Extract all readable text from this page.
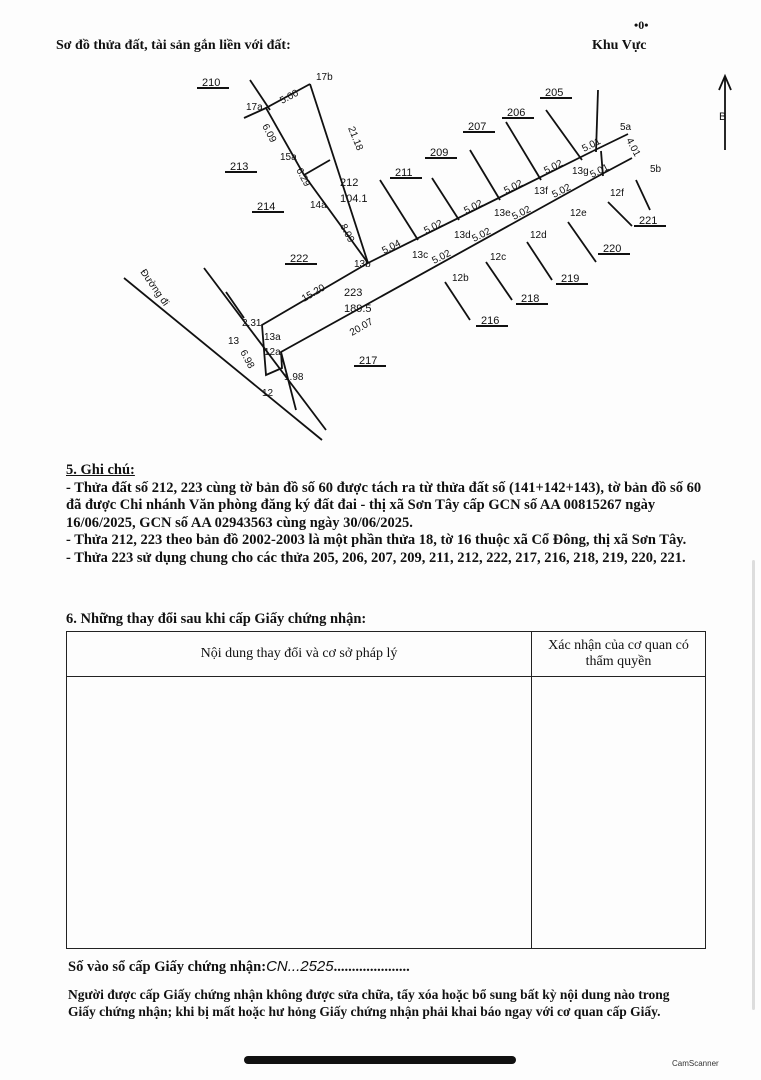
•0•
Sơ đồ thửa đất, tài sản gắn liền với đất:	Khu Vực
210
213
214
222
211
209
207
206
205
221
220
219
218
216
217
212
104.1
223
189.5
17b
17a
15a
14a
13b
13c
13d
13e
13f
13g
5a
5b
12f
12e
12d
12c
12b
13a
12a
13
12
5.00
6.09
6.29
8.09
21.18
5.04
5.02
5.02
5.02
5.02
5.01 4.01
5.01
5.02
5.02
5.02
5.02
15.20
20.07
2.31
6.98
1.98
Đường đi
B

5. Ghi chú:

- Thửa đất số 212, 223 cùng tờ bản đồ số 60 được tách ra từ thửa đất số (141+142+143), tờ bản đồ số 60 đã được Chi nhánh Văn phòng đăng ký đất đai - thị xã Sơn Tây cấp GCN số AA 00815267 ngày 16/06/2025, GCN số AA 02943563 cùng ngày 30/06/2025.

- Thửa 212, 223 theo bản đồ 2002-2003 là một phần thửa 18, tờ 16 thuộc xã Cổ Đông, thị xã Sơn Tây.

- Thửa 223 sử dụng chung cho các thửa 205, 206, 207, 209, 211, 212, 222, 217, 216, 218, 219, 220, 221.

6. Những thay đổi sau khi cấp Giấy chứng nhận:
Nội dung thay đổi và cơ sở pháp lý	Xác nhận của cơ quan có thẩm quyền

Số vào sổ cấp Giấy chứng nhận:CN...2525.....................
Người được cấp Giấy chứng nhận không được sửa chữa, tẩy xóa hoặc bổ sung bất kỳ nội dung nào trong Giấy chứng nhận; khi bị mất hoặc hư hỏng Giấy chứng nhận phải khai báo ngay với cơ quan cấp Giấy.
CamScanner
